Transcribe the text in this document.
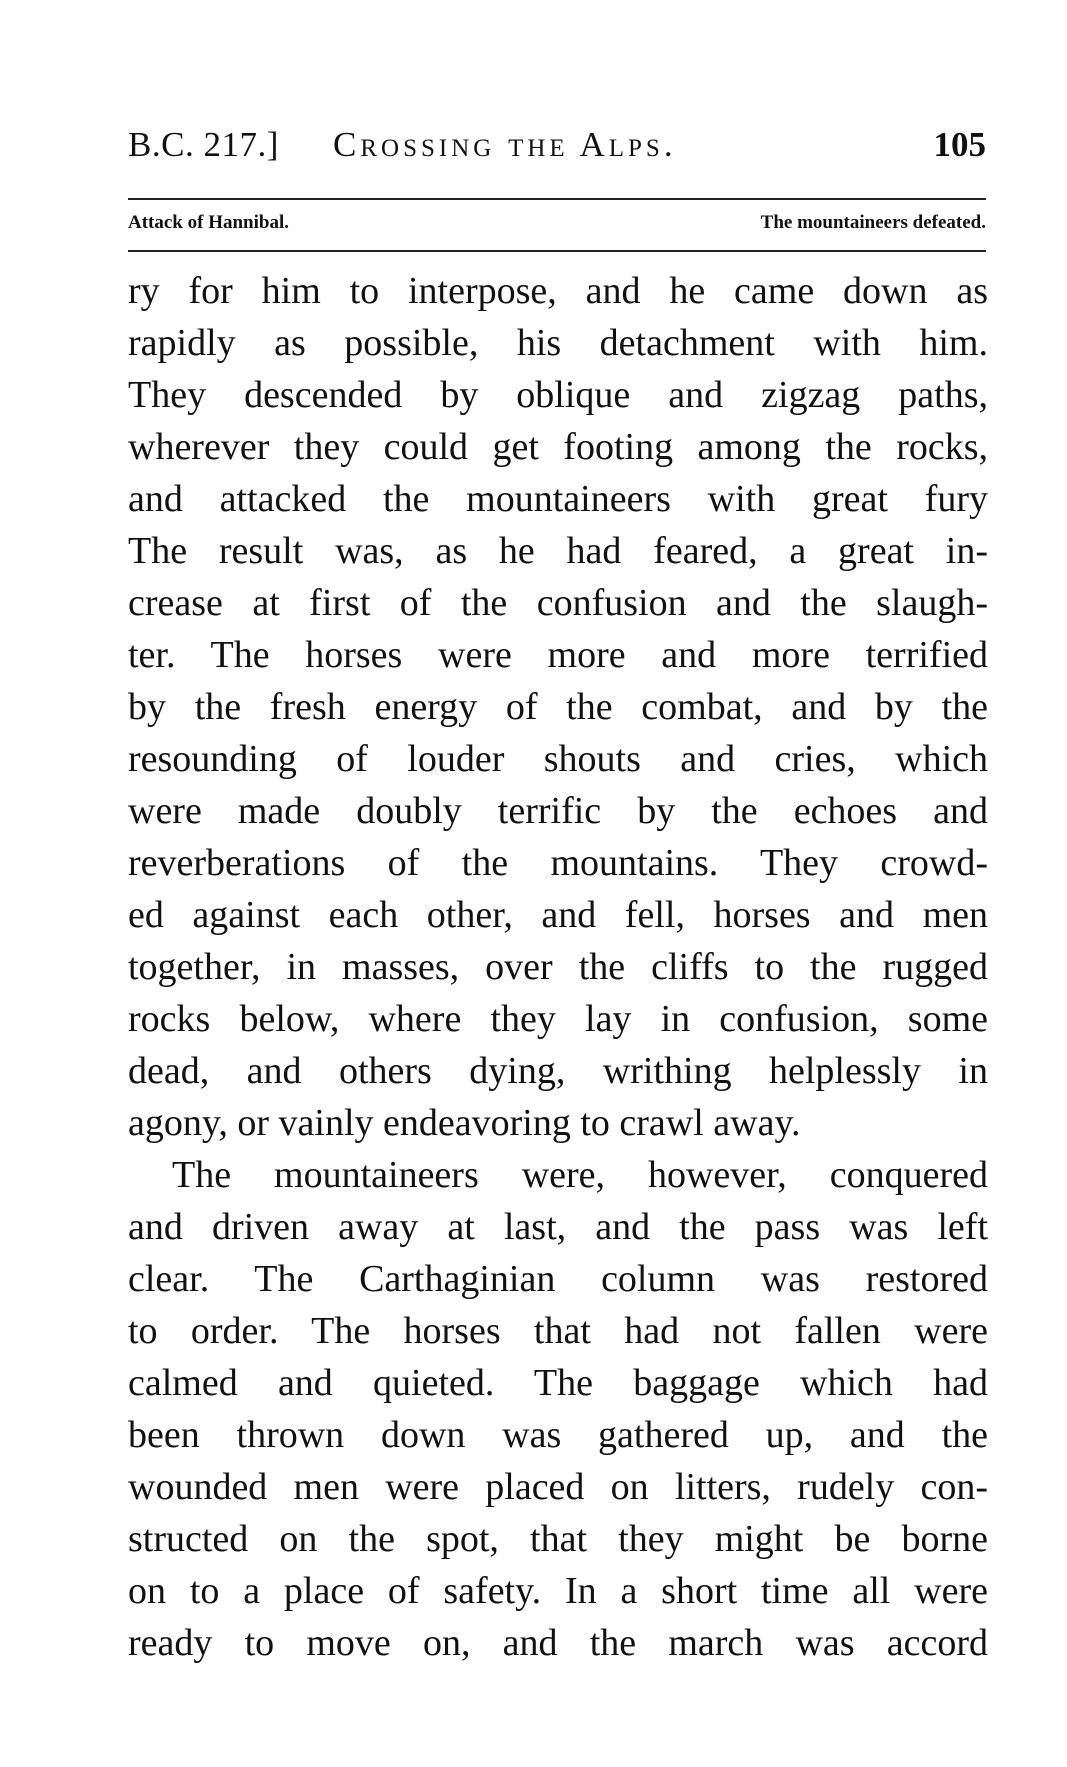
B.C. 217.] Crossing the Alps.	105
Attack of Hannibal.	The mountaineers defeated.
ry for him to interpose, and he came down as
rapidly as possible, his detachment with him.
They descended by oblique and zigzag paths,
wherever they could get footing among the rocks,
and attacked the mountaineers with great fury
The result was, as he had feared, a great in-
crease at first of the confusion and the slaugh-
ter. The horses were more and more terrified
by the fresh energy of the combat, and by the
resounding of louder shouts and cries, which
were made doubly terrific by the echoes and
reverberations of the mountains. They crowd-
ed against each other, and fell, horses and men
together, in masses, over the cliffs to the rugged
rocks below, where they lay in confusion, some
dead, and others dying, writhing helplessly in
agony, or vainly endeavoring to crawl away.
The mountaineers were, however, conquered
and driven away at last, and the pass was left
clear. The Carthaginian column was restored
to order. The horses that had not fallen were
calmed and quieted. The baggage which had
been thrown down was gathered up, and the
wounded men were placed on litters, rudely con-
structed on the spot, that they might be borne
on to a place of safety. In a short time all were
ready to move on, and the march was accord
